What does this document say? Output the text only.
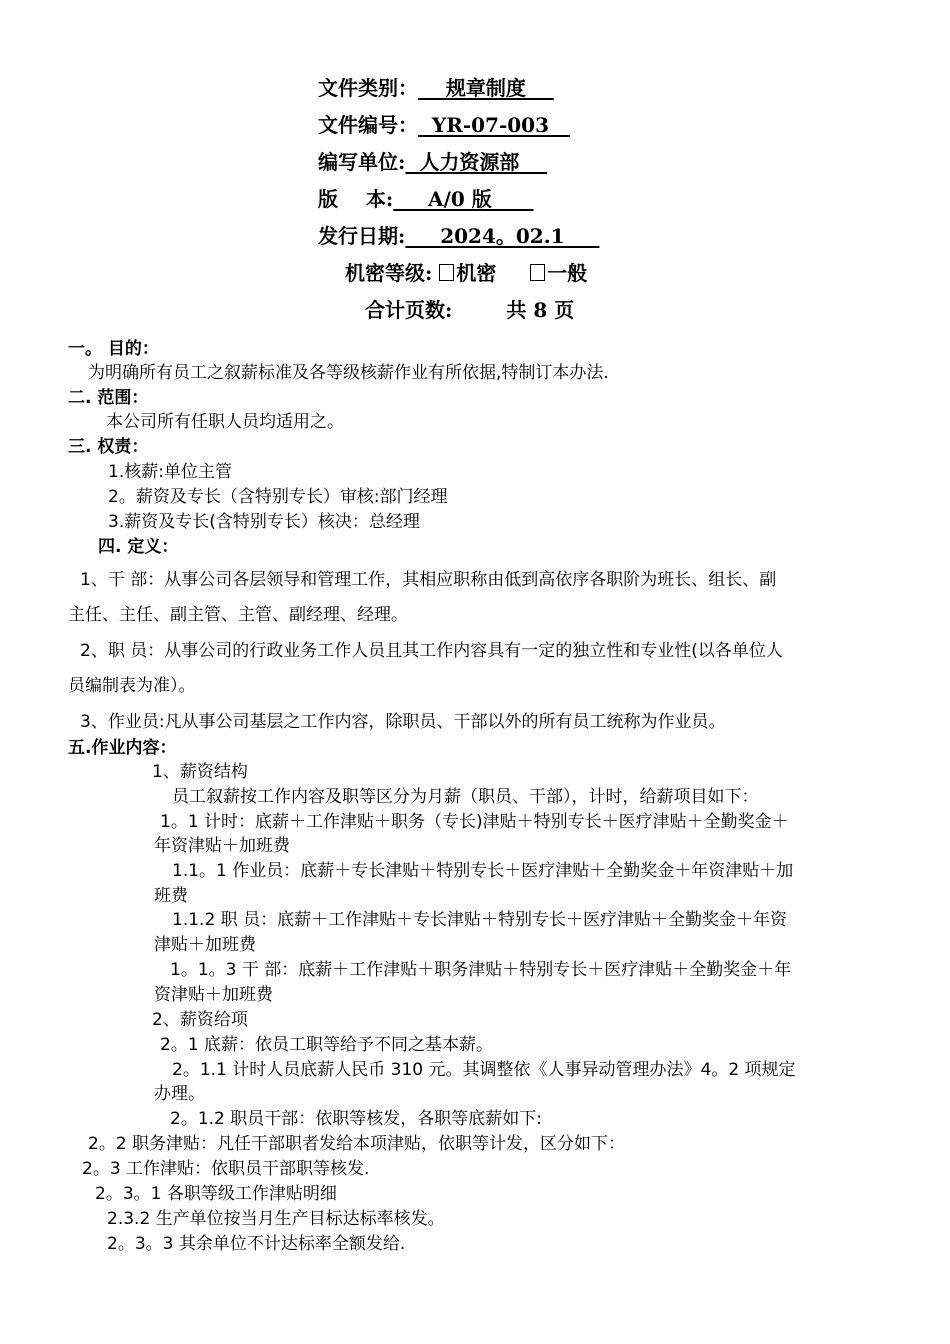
文件类别：    规章制度
文件编号：  YR-07-003
编写单位:  人力资源部
版    本:     A/0 版
发行日期:     2024。02.1
机密等级: 机密	一般
合计页数:	共 8 页
一。 目的：
为明确所有员工之叙薪标准及各等级核薪作业有所依据,特制订本办法.
二. 范围：
本公司所有任职人员均适用之。
三. 权责：
1.核薪:单位主管
2。薪资及专长（含特别专长）审核:部门经理
3.薪资及专长(含特别专长）核决：总经理
四. 定义：
1、干 部：从事公司各层领导和管理工作，其相应职称由低到高依序各职阶为班长、组长、副
主任、主任、副主管、主管、副经理、经理。
2、职 员：从事公司的行政业务工作人员且其工作内容具有一定的独立性和专业性(以各单位人
员编制表为准）。
3、作业员:凡从事公司基层之工作内容，除职员、干部以外的所有员工统称为作业员。
五.作业内容：
1、薪资结构
员工叙薪按工作内容及职等区分为月薪（职员、干部），计时，给薪项目如下：
1。1 计时：底薪＋工作津贴＋职务（专长)津贴＋特别专长＋医疗津贴＋全勤奖金＋
年资津贴＋加班费
1.1。1 作业员：底薪＋专长津贴＋特别专长＋医疗津贴＋全勤奖金＋年资津贴＋加
班费
1.1.2 职 员：底薪＋工作津贴＋专长津贴＋特别专长＋医疗津贴＋全勤奖金＋年资
津贴＋加班费
1。1。3 干 部：底薪＋工作津贴＋职务津贴＋特别专长＋医疗津贴＋全勤奖金＋年
资津贴＋加班费
2、薪资给项
2。1 底薪：依员工职等给予不同之基本薪。
2。1.1 计时人员底薪人民币 310 元。其调整依《人事异动管理办法》4。2 项规定
办理。
2。1.2 职员干部：依职等核发，各职等底薪如下:
2。2 职务津贴：凡任干部职者发给本项津贴，依职等计发，区分如下：
2。3 工作津贴：依职员干部职等核发.
2。3。1 各职等级工作津贴明细
2.3.2 生产单位按当月生产目标达标率核发。
2。3。3 其余单位不计达标率全额发给.
